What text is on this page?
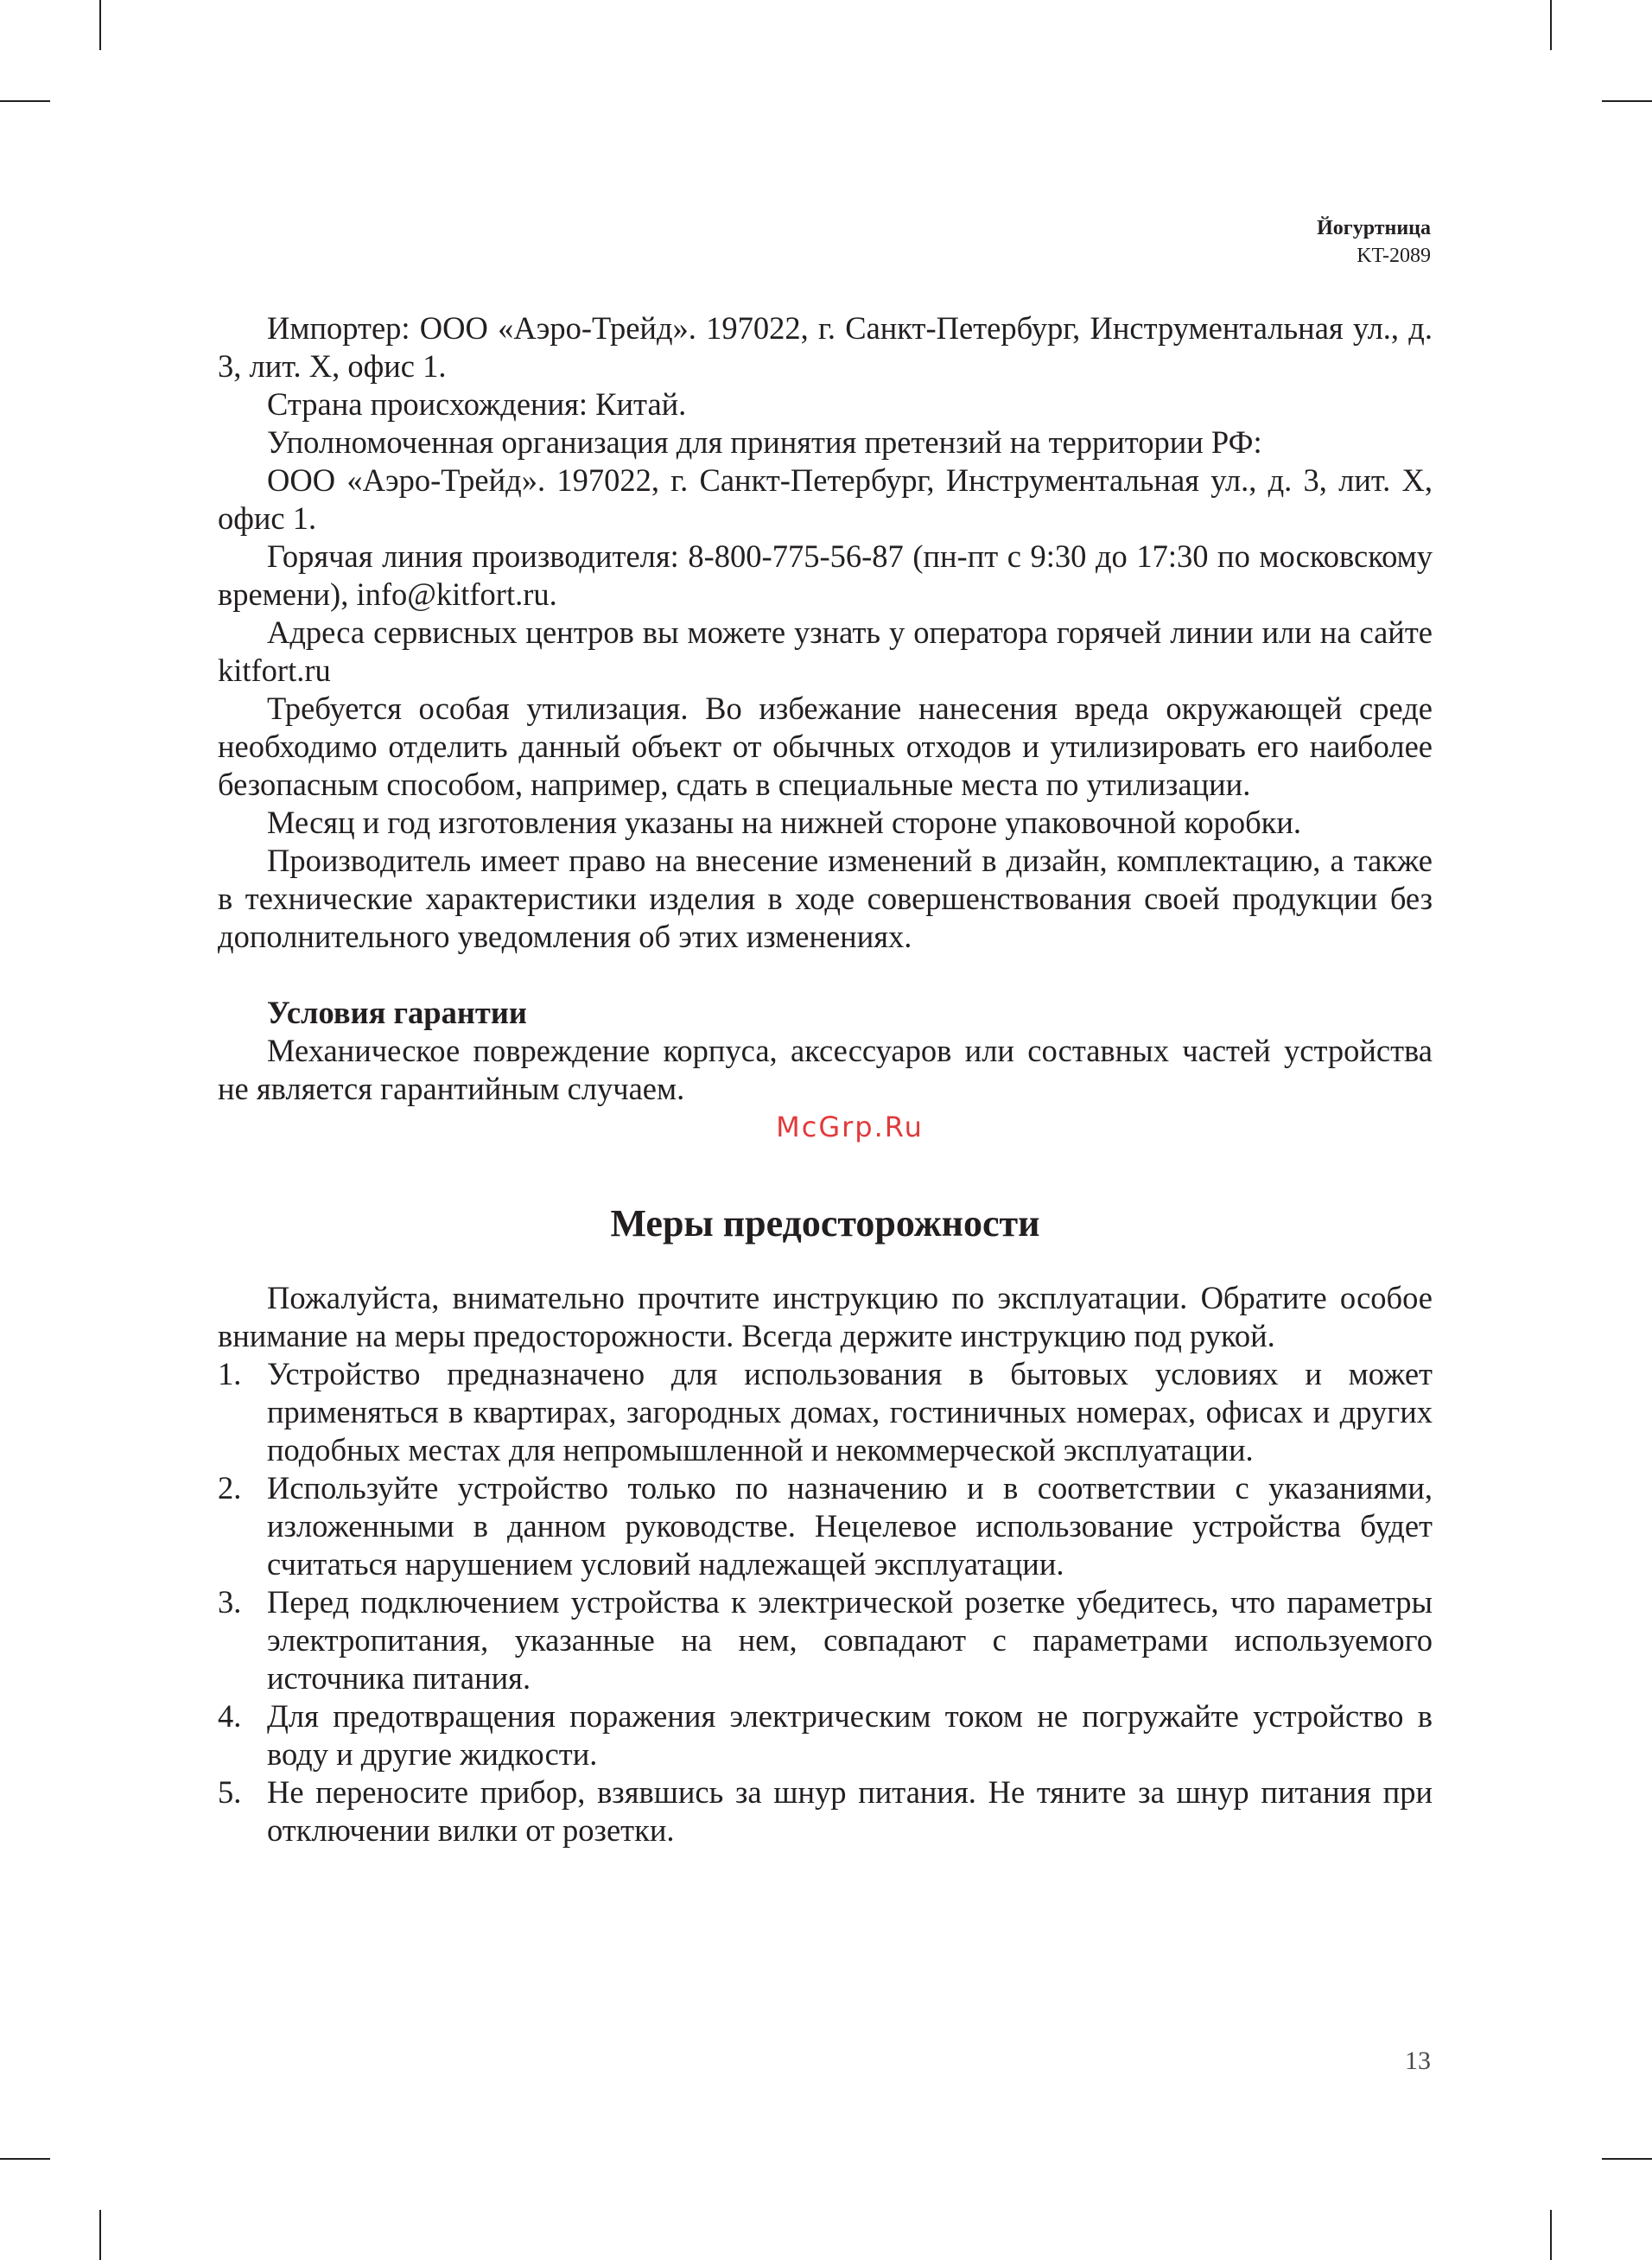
Йогуртница
KT-2089

Импортер: ООО «Аэро-Трейд». 197022, г. Санкт-Петербург, Инструментальная ул., д. 3, лит. Х, офис 1.

Страна происхождения: Китай.

Уполномоченная организация для принятия претензий на территории РФ:

ООО «Аэро-Трейд». 197022, г. Санкт-Петербург, Инструментальная ул., д. 3, лит. Х, офис 1.

Горячая линия производителя: 8-800-775-56-87 (пн-пт с 9:30 до 17:30 по московскому времени), info@kitfort.ru.

Адреса сервисных центров вы можете узнать у оператора горячей линии или на сайте kitfort.ru

Требуется особая утилизация. Во избежание нанесения вреда окружающей среде необходимо отделить данный объект от обычных отходов и утилизировать его наиболее безопасным способом, например, сдать в специальные места по утилизации.

Месяц и год изготовления указаны на нижней стороне упаковочной коробки.

Производитель имеет право на внесение изменений в дизайн, комплектацию, а также в технические характеристики изделия в ходе совершенствования своей продукции без дополнительного уведомления об этих изменениях.

Условия гарантии

Механическое повреждение корпуса, аксессуаров или составных частей устройства не является гарантийным случаем.

McGrp.Ru

Меры предосторожности

Пожалуйста, внимательно прочтите инструкцию по эксплуатации. Обратите особое внимание на меры предосторожности. Всегда держите инструкцию под рукой.

1. Устройство предназначено для использования в бытовых условиях и может применяться в квартирах, загородных домах, гостиничных номерах, офисах и других подобных местах для непромышленной и некоммерческой эксплуатации.
2. Используйте устройство только по назначению и в соответствии с указаниями, изложенными в данном руководстве. Нецелевое использование устройства будет считаться нарушением условий надлежащей эксплуатации.
3. Перед подключением устройства к электрической розетке убедитесь, что параметры электропитания, указанные на нем, совпадают с параметрами используемого источника питания.
4. Для предотвращения поражения электрическим током не погружайте устройство в воду и другие жидкости.
5. Не переносите прибор, взявшись за шнур питания. Не тяните за шнур питания при отключении вилки от розетки.
13
